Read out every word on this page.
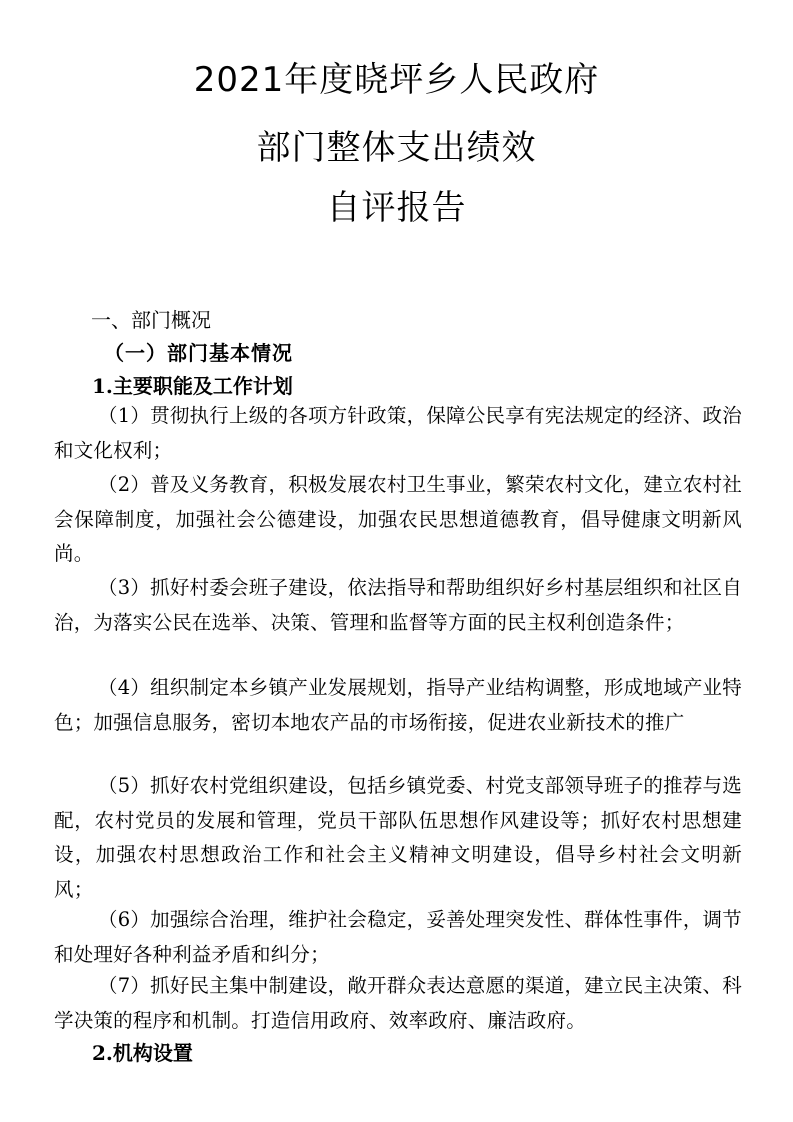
2021年度晓坪乡人民政府
部门整体支出绩效
自评报告
一、部门概况
（一）部门基本情况
1.主要职能及工作计划

（1）贯彻执行上级的各项方针政策，保障公民享有宪法规定的经济、政治和文化权利；

（2）普及义务教育，积极发展农村卫生事业，繁荣农村文化，建立农村社会保障制度，加强社会公德建设，加强农民思想道德教育，倡导健康文明新风尚。

（3）抓好村委会班子建设，依法指导和帮助组织好乡村基层组织和社区自治，为落实公民在选举、决策、管理和监督等方面的民主权利创造条件；

（4）组织制定本乡镇产业发展规划，指导产业结构调整，形成地域产业特色；加强信息服务，密切本地农产品的市场衔接，促进农业新技术的推广

（5）抓好农村党组织建设，包括乡镇党委、村党支部领导班子的推荐与选配，农村党员的发展和管理，党员干部队伍思想作风建设等；抓好农村思想建设，加强农村思想政治工作和社会主义精神文明建设，倡导乡村社会文明新风；

（6）加强综合治理，维护社会稳定，妥善处理突发性、群体性事件，调节和处理好各种利益矛盾和纠分；

（7）抓好民主集中制建设，敞开群众表达意愿的渠道，建立民主决策、科学决策的程序和机制。打造信用政府、效率政府、廉洁政府。

2.机构设置
